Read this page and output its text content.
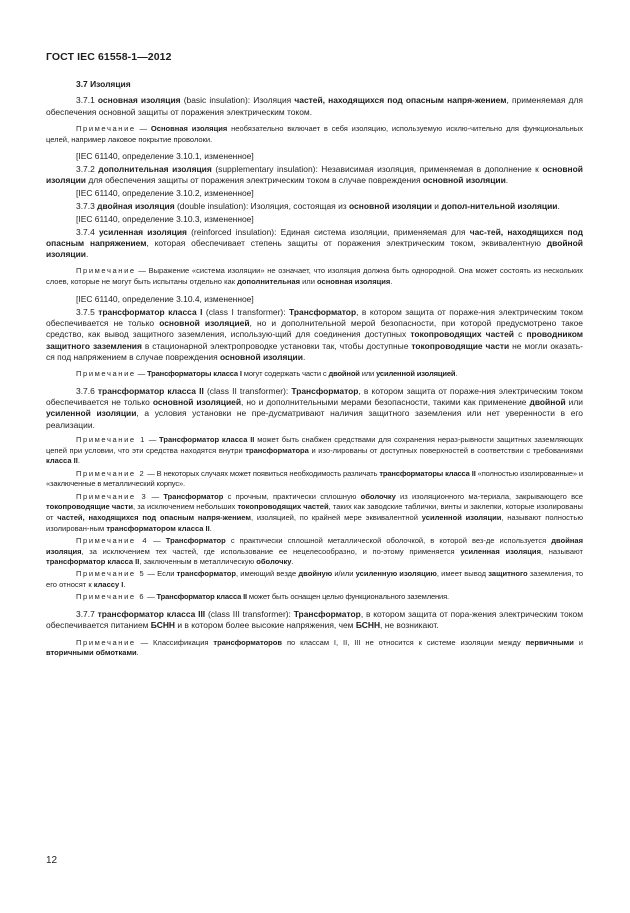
ГОСТ IEC 61558-1—2012

3.7 Изоляция

3.7.1 основная изоляция (basic insulation): Изоляция частей, находящихся под опасным напря-жением, применяемая для обеспечения основной защиты от поражения электрическим током.

Примечание — Основная изоляция необязательно включает в себя изоляцию, используемую исклю-чительно для функциональных целей, например лаковое покрытие проволоки.

[IEC 61140, определение 3.10.1, измененное]

3.7.2 дополнительная изоляция (supplementary insulation): Независимая изоляция, применяемая в дополнение к основной изоляции для обеспечения защиты от поражения электрическим током в случае повреждения основной изоляции.

[IEC 61140, определение 3.10.2, измененное]

3.7.3 двойная изоляция (double insulation): Изоляция, состоящая из основной изоляции и допол-нительной изоляции.

[IEC 61140, определение 3.10.3, измененное]

3.7.4 усиленная изоляция (reinforced insulation): Единая система изоляции, применяемая для час-тей, находящихся под опасным напряжением, которая обеспечивает степень защиты от поражения электрическим током, эквивалентную двойной изоляции.

Примечание — Выражение «система изоляции» не означает, что изоляция должна быть однородной. Она может состоять из нескольких слоев, которые не могут быть испытаны отдельно как дополнительная или основная изоляция.

[IEC 61140, определение 3.10.4, измененное]

3.7.5 трансформатор класса I (class I transformer): Трансформатор, в котором защита от пораже-ния электрическим током обеспечивается не только основной изоляцией, но и дополнительной мерой безопасности, при которой предусмотрено такое средство, как вывод защитного заземления, использую-щий для соединения доступных токопроводящих частей с проводником защитного заземления в стационарной электропроводке установки так, чтобы доступные токопроводящие части не могли оказать-ся под напряжением в случае повреждения основной изоляции.

Примечание — Трансформаторы класса I могут содержать части с двойной или усиленной изоляцией.

3.7.6 трансформатор класса II (class II transformer): Трансформатор, в котором защита от пораже-ния электрическим током обеспечивается не только основной изоляцией, но и дополнительными мерами безопасности, такими как применение двойной или усиленной изоляции, а условия установки не пре-дусматривают наличия защитного заземления или нет уверенности в его реализации.

Примечание 1 — Трансформатор класса II может быть снабжен средствами для сохранения нераз-рывности защитных заземляющих цепей при условии, что эти средства находятся внутри трансформатора и изо-лированы от доступных поверхностей в соответствии с требованиями класса II.

Примечание 2 — В некоторых случаях может появиться необходимость различать трансформаторы класса II «полностью изолированные» и «заключенные в металлический корпус».

Примечание 3 — Трансформатор с прочным, практически сплошную оболочку из изоляционного ма-териала, закрывающего все токопроводящие части, за исключением небольших токопроводящих частей, таких как заводские таблички, винты и заклепки, которые изолированы от частей, находящихся под опасным напря-жением, изоляцией, по крайней мере эквивалентной усиленной изоляции, называют полностью изолирован-ным трансформатором класса II.

Примечание 4 — Трансформатор с практически сплошной металлической оболочкой, в которой вез-де используется двойная изоляция, за исключением тех частей, где использование ее нецелесообразно, и по-этому применяется усиленная изоляция, называют трансформатор класса II, заключенным в металлическую оболочку.

Примечание 5 — Если трансформатор, имеющий везде двойную и/или усиленную изоляцию, имеет вывод защитного заземления, то его относят к классу I.

Примечание 6 — Трансформатор класса II может быть оснащен целью функционального заземления.

3.7.7 трансформатор класса III (class III transformer): Трансформатор, в котором защита от пора-жения электрическим током обеспечивается питанием БСНН и в котором более высокие напряжения, чем БСНН, не возникают.

Примечание — Классификация трансформаторов по классам I, II, III не относится к системе изоляции между первичными и вторичными обмотками.

12
